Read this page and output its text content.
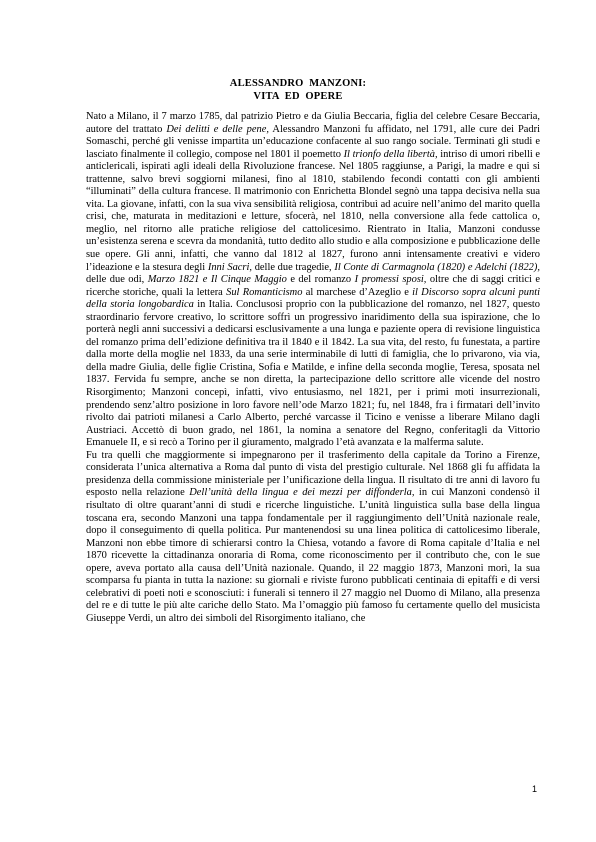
ALESSANDRO  MANZONI:
VITA  ED  OPERE

Nato a Milano, il 7 marzo 1785, dal patrizio Pietro e da Giulia Beccaria, figlia del celebre Cesare Beccaria, autore del trattato Dei delitti e delle pene, Alessandro Manzoni fu affidato, nel 1791, alle cure dei Padri Somaschi, perché gli venisse impartita un’educazione confacente al suo rango sociale. Terminati gli studi e lasciato finalmente il collegio, compose nel 1801 il poemetto Il trionfo della libertà, intriso di umori ribelli e anticlericali, ispirati agli ideali della Rivoluzione francese. Nel 1805 raggiunse, a Parigi, la madre e qui si trattenne, salvo brevi soggiorni milanesi, fino al 1810, stabilendo fecondi contatti con gli ambienti “illuminati” della cultura francese. Il matrimonio con Enrichetta Blondel segnò una tappa decisiva nella sua vita. La giovane, infatti, con la sua viva sensibilità religiosa, contribuì ad acuire nell’animo del marito quella crisi, che, maturata in meditazioni e letture, sfocerà, nel 1810, nella conversione alla fede cattolica o, meglio, nel ritorno alle pratiche religiose del cattolicesimo. Rientrato in Italia, Manzoni condusse un’esistenza serena e scevra da mondanità, tutto dedito allo studio e alla composizione e pubblicazione delle sue opere. Gli anni, infatti, che vanno dal 1812 al 1827, furono anni intensamente creativi e videro l’ideazione e la stesura degli Inni Sacri, delle due tragedie, Il Conte di Carmagnola (1820) e Adelchi (1822), delle due odi, Marzo 1821 e Il Cinque Maggio e del romanzo I promessi sposi, oltre che di saggi critici e ricerche storiche, quali la lettera Sul Romanticismo al marchese d’Azeglio e il Discorso sopra alcuni punti della storia longobardica in Italia. Conclusosi proprio con la pubblicazione del romanzo, nel 1827, questo straordinario fervore creativo, lo scrittore soffrì un progressivo inaridimento della sua ispirazione, che lo porterà negli anni successivi a dedicarsi esclusivamente a una lunga e paziente opera di revisione linguistica del romanzo prima dell’edizione definitiva tra il 1840 e il 1842. La sua vita, del resto, fu funestata, a partire dalla morte della moglie nel 1833, da una serie interminabile di lutti di famiglia, che lo privarono, via via, della madre Giulia, delle figlie Cristina, Sofia e Matilde, e infine della seconda moglie, Teresa, sposata nel 1837. Fervida fu sempre, anche se non diretta, la partecipazione dello scrittore alle vicende del nostro Risorgimento; Manzoni concepì, infatti, vivo entusiasmo, nel 1821, per i primi moti insurrezionali, prendendo senz’altro posizione in loro favore nell’ode Marzo 1821; fu, nel 1848, fra i firmatari dell’invito rivolto dai patrioti milanesi a Carlo Alberto, perché varcasse il Ticino e venisse a liberare Milano dagli Austriaci. Accettò di buon grado, nel 1861, la nomina a senatore del Regno, conferitagli da Vittorio Emanuele II, e si recò a Torino per il giuramento, malgrado l’età avanzata e la malferma salute.

Fu tra quelli che maggiormente si impegnarono per il trasferimento della capitale da Torino a Firenze, considerata l’unica alternativa a Roma dal punto di vista del prestigio culturale. Nel 1868 gli fu affidata la presidenza della commissione ministeriale per l’unificazione della lingua. Il risultato di tre anni di lavoro fu esposto nella relazione Dell’unità della lingua e dei mezzi per diffonderla, in cui Manzoni condensò il risultato di oltre quarant’anni di studi e ricerche linguistiche. L’unità linguistica sulla base della lingua toscana era, secondo Manzoni una tappa fondamentale per il raggiungimento dell’Unità nazionale reale, dopo il conseguimento di quella politica. Pur mantenendosi su una linea politica di cattolicesimo liberale, Manzoni non ebbe timore di schierarsi contro la Chiesa, votando a favore di Roma capitale d’Italia e nel 1870 ricevette la cittadinanza onoraria di Roma, come riconoscimento per il contributo che, con le sue opere, aveva portato alla causa dell’Unità nazionale. Quando, il 22 maggio 1873, Manzoni morì, la sua scomparsa fu pianta in tutta la nazione: su giornali e riviste furono pubblicati centinaia di epitaffi e di versi celebrativi di poeti noti e sconosciuti: i funerali si tennero il 27 maggio nel Duomo di Milano, alla presenza del re e di tutte le più alte cariche dello Stato. Ma l’omaggio più famoso fu certamente quello del musicista Giuseppe Verdi, un altro dei simboli del Risorgimento italiano, che

1
